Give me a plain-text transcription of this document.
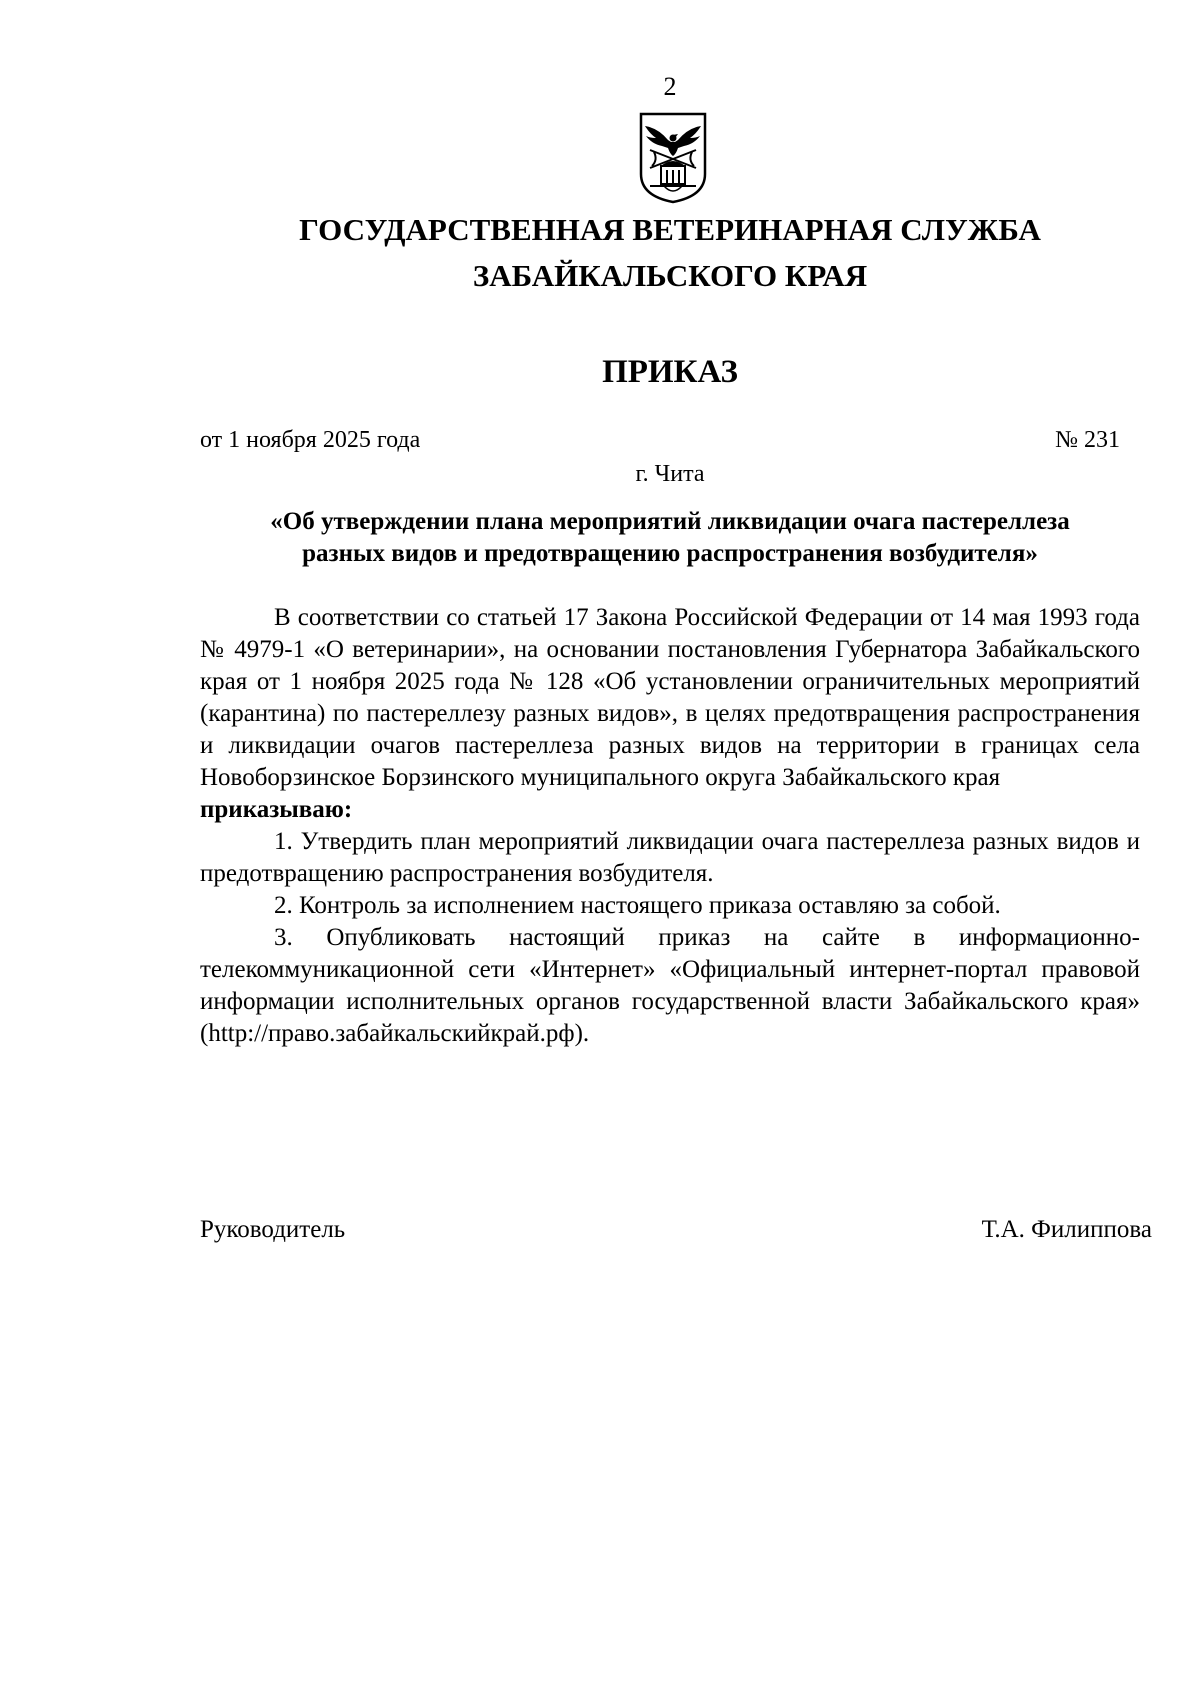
2
ГОСУДАРСТВЕННАЯ ВЕТЕРИНАРНАЯ СЛУЖБА
ЗАБАЙКАЛЬСКОГО КРАЯ
ПРИКАЗ
от 1 ноября 2025 года	№ 231
г. Чита
«Об утверждении плана мероприятий ликвидации очага пастереллеза
разных видов и предотвращению распространения возбудителя»

В соответствии со статьей 17 Закона Российской Федерации от 14 мая 1993 года № 4979-1 «О ветеринарии», на основании постановления Губернатора Забайкальского края от 1 ноября 2025 года № 128 «Об установлении ограничительных мероприятий (карантина) по пастереллезу разных видов», в целях предотвращения распространения и ликвидации очагов пастереллеза разных видов на территории в границах села Новоборзинское Борзинского муниципального округа Забайкальского края

приказываю:

1. Утвердить план мероприятий ликвидации очага пастереллеза разных видов и предотвращению распространения возбудителя.

2. Контроль за исполнением настоящего приказа оставляю за собой.

3. Опубликовать настоящий приказ на сайте в информационно-телекоммуникационной сети «Интернет» «Официальный интернет-портал правовой информации исполнительных органов государственной власти Забайкальского края» (http://право.забайкальскийкрай.рф).

Руководитель	Т.А. Филиппова
